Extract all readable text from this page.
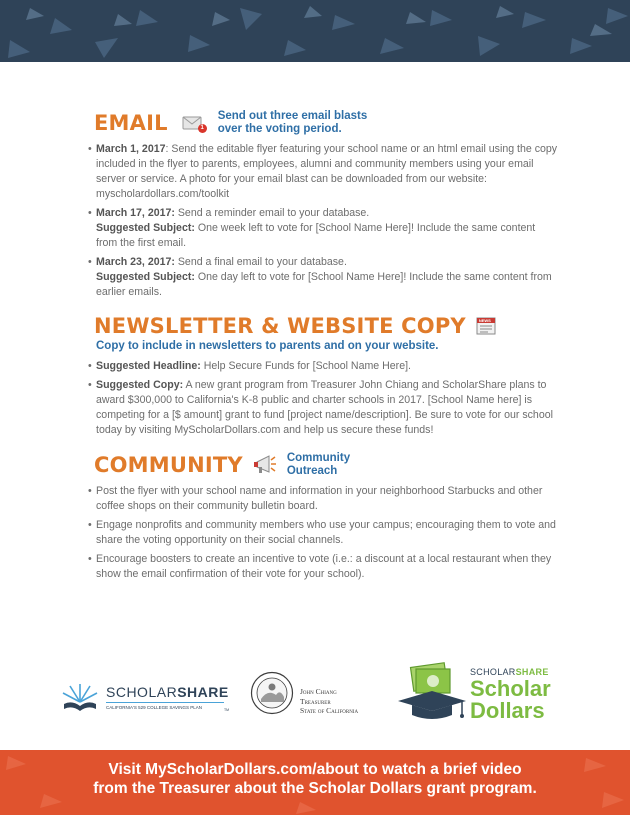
EMAIL	1
Send out three email blasts
over the voting period.
• March 1, 2017: Send the editable flyer featuring your school name or an html email using the copy included in the flyer to parents, employees, alumni and community members using your email server or service. A photo for your email blast can be downloaded from our website: myscholardollars.com/toolkit
• March 17, 2017: Send a reminder email to your database.
Suggested Subject: One week left to vote for [School Name Here]! Include the same content from the first email.
• March 23, 2017: Send a final email to your database.
Suggested Subject: One day left to vote for [School Name Here]! Include the same content from earlier emails.
NEWSLETTER & WEBSITE COPY	NEWS
Copy to include in newsletters to parents and on your website.
• Suggested Headline: Help Secure Funds for [School Name Here].
• Suggested Copy: A new grant program from Treasurer John Chiang and ScholarShare plans to award $300,000 to California's K-8 public and charter schools in 2017. [School Name here] is competing for a [$ amount] grant to fund [project name/description]. Be sure to vote for our school today by visiting MyScholarDollars.com and help us secure these funds!
COMMUNITY	Community
Outreach
• Post the flyer with your school name and information in your neighborhood Starbucks and other coffee shops on their community bulletin board.
• Engage nonprofits and community members who use your campus; encouraging them to vote and share the voting opportunity on their social channels.
• Encourage boosters to create an incentive to vote (i.e.: a discount at a local restaurant when they show the email confirmation of their vote for your school).
SCHOLARSHARE
CALIFORNIA'S 529 COLLEGE SAVINGS PLAN	TM
John Chiang
Treasurer
State of California
SCHOLARSHARE
Scholar
Dollars
Visit MyScholarDollars.com/about to watch a brief video
from the Treasurer about the Scholar Dollars grant program.
